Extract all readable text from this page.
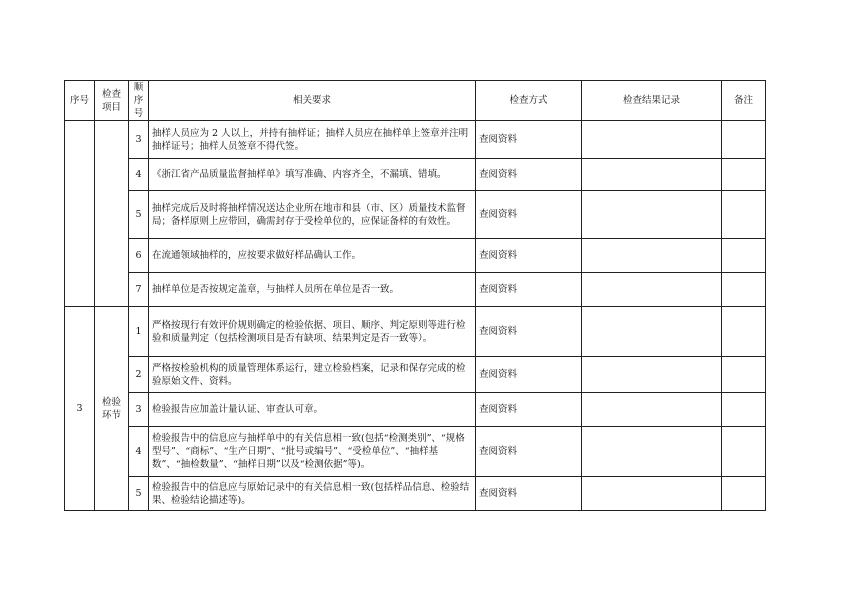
序号	检查项目	顺序号	相关要求	检查方式	检查结果记录	备注
		3	抽样人员应为 2 人以上，并持有抽样证；抽样人员应在抽样单上签章并注明抽样证号；抽样人员签章不得代签。	查阅资料		
		4	《浙江省产品质量监督抽样单》填写准确、内容齐全，不漏填、错填。	查阅资料		
		5	抽样完成后及时将抽样情况送达企业所在地市和县（市、区）质量技术监督局；备样原则上应带回，确需封存于受检单位的，应保证备样的有效性。	查阅资料		
		6	在流通领域抽样的，应按要求做好样品确认工作。	查阅资料		
		7	抽样单位是否按规定盖章，与抽样人员所在单位是否一致。	查阅资料		
3	检验环节	1	严格按现行有效评价规则确定的检验依据、项目、顺序、判定原则等进行检验和质量判定（包括检测项目是否有缺项、结果判定是否一致等）。	查阅资料		
		2	严格按检验机构的质量管理体系运行，建立检验档案，记录和保存完成的检验原始文件、资料。	查阅资料		
		3	检验报告应加盖计量认证、审查认可章。	查阅资料		
		4	检验报告中的信息应与抽样单中的有关信息相一致(包括“检测类别”、“规格型号”、“商标”、“生产日期”、“批号或编号”、“受检单位”、“抽样基数”、“抽检数量”、“抽样日期”以及“检测依据”等)。	查阅资料		
		5	检验报告中的信息应与原始记录中的有关信息相一致(包括样品信息、检验结果、检验结论描述等)。	查阅资料		
